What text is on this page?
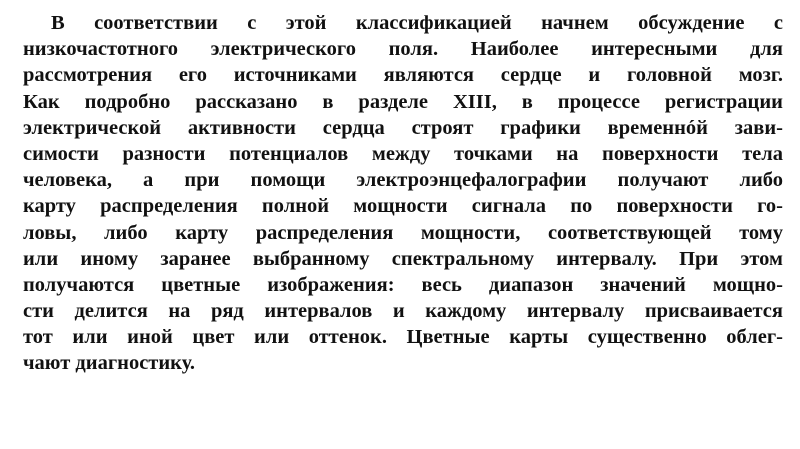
В соответствии с этой классификацией начнем обсуждение с
низкочастотного электрического поля. Наиболее интересными для
рассмотрения его источниками являются сердце и головной мозг.
Как подробно рассказано в разделе XIII, в процессе регистрации
электрической активности сердца строят графики временнóй зави-
симости разности потенциалов между точками на поверхности тела
человека, а при помощи электроэнцефалографии получают либо
карту распределения полной мощности сигнала по поверхности го-
ловы, либо карту распределения мощности, соответствующей тому
или иному заранее выбранному спектральному интервалу. При этом
получаются цветные изображения: весь диапазон значений мощно-
сти делится на ряд интервалов и каждому интервалу присваивается
тот или иной цвет или оттенок. Цветные карты существенно облег-
чают диагностику.
